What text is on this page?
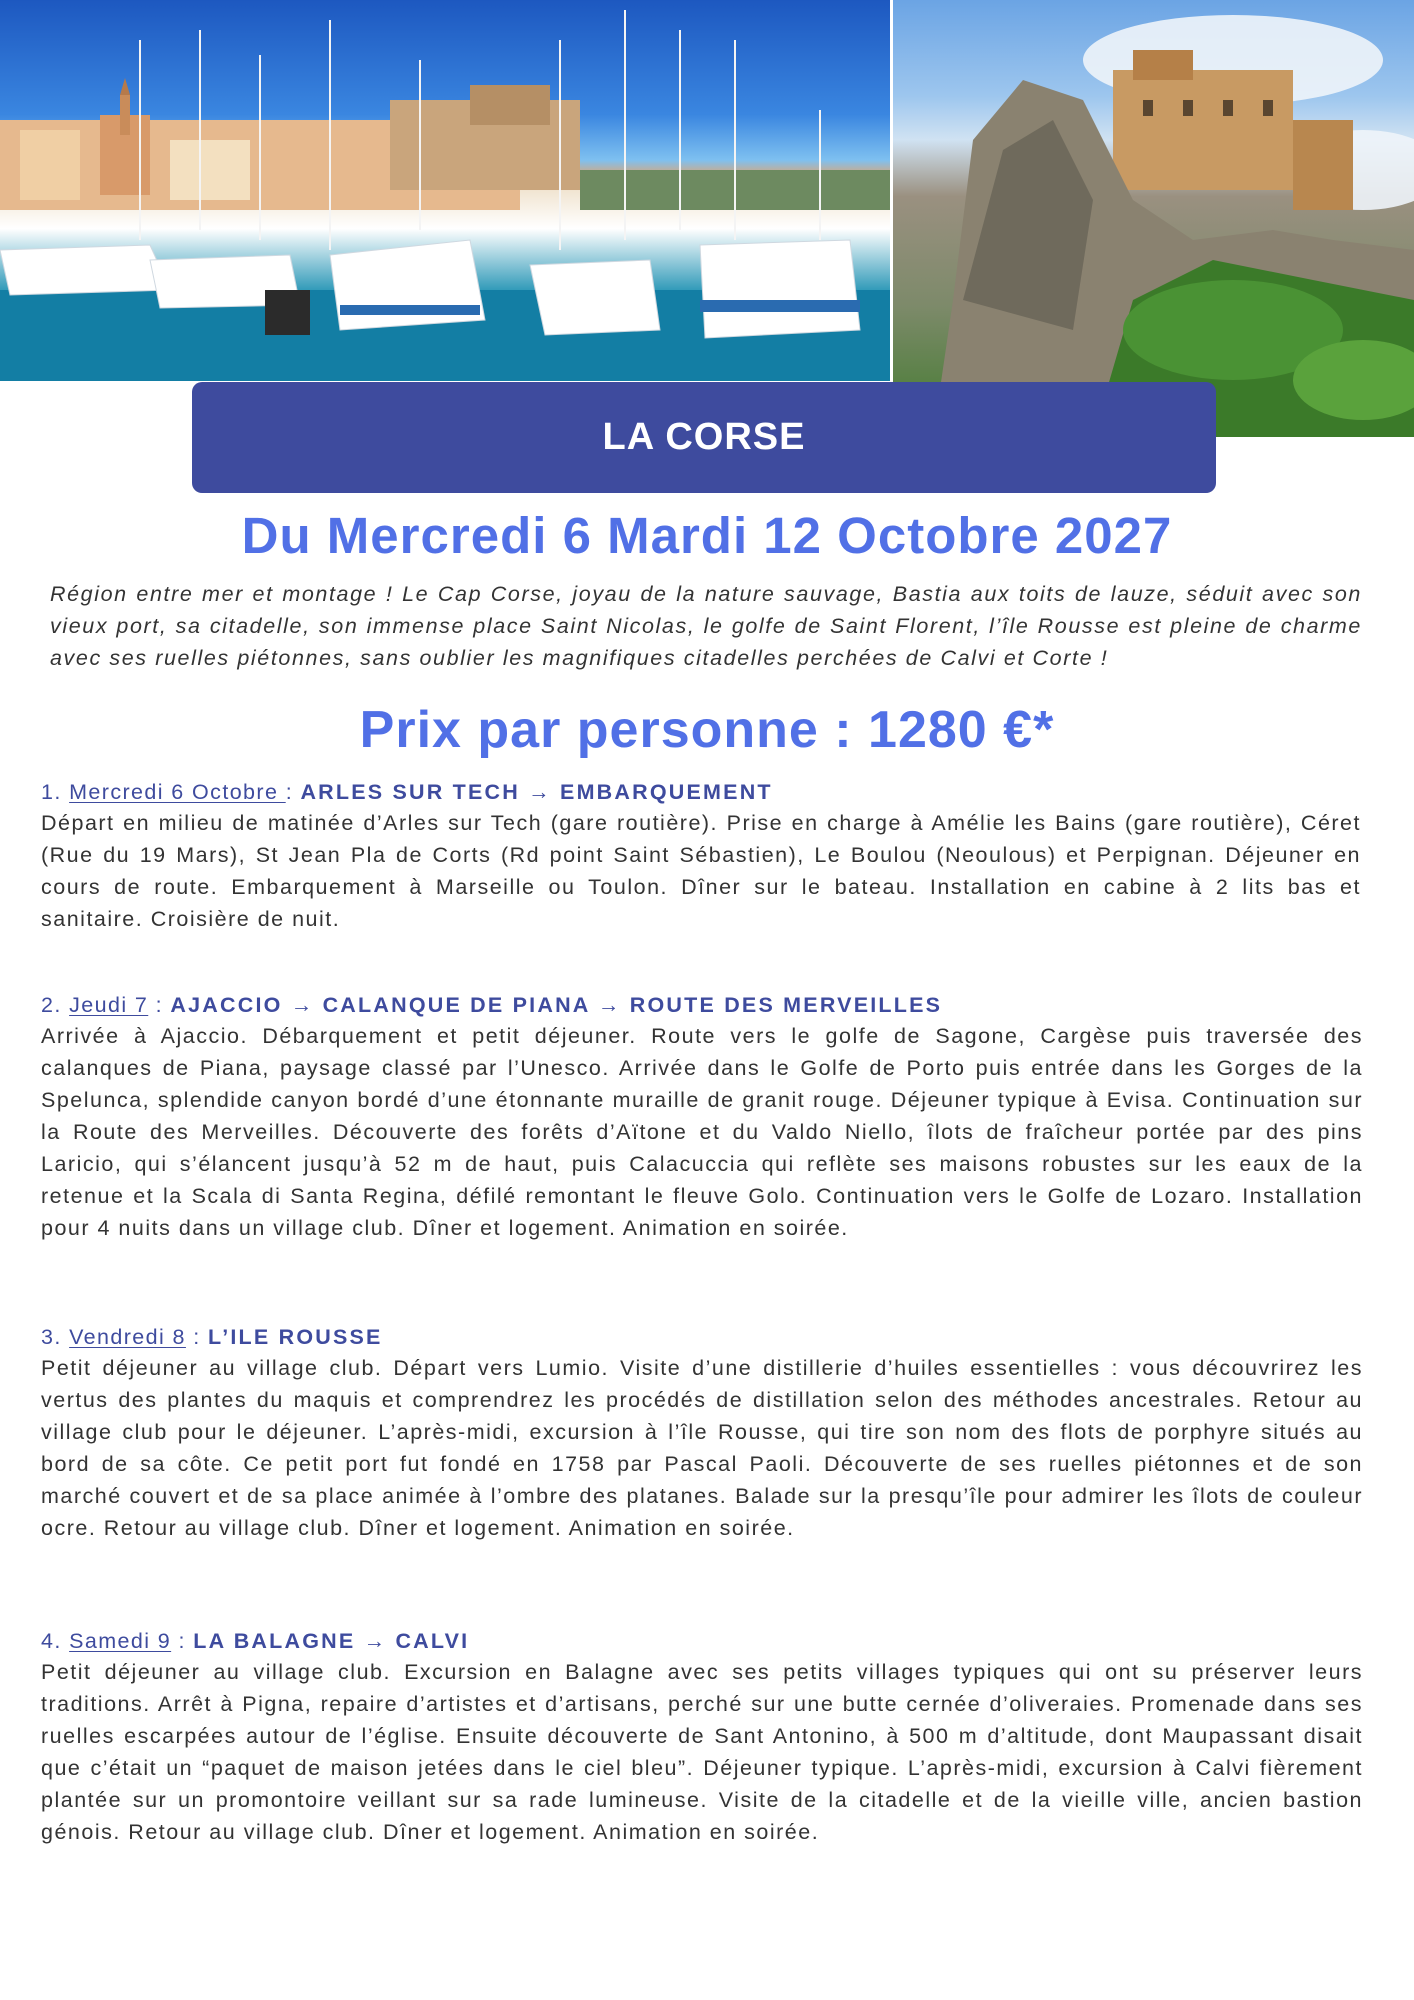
LA CORSE
Du Mercredi 6 Mardi 12 Octobre 2027

Région entre mer et montage ! Le Cap Corse, joyau de la nature sauvage, Bastia aux toits de lauze, séduit avec son vieux port, sa citadelle, son immense place Saint Nicolas, le golfe de Saint Florent, l’île Rousse est pleine de charme avec ses ruelles piétonnes, sans oublier les magnifiques citadelles perchées de Calvi et Corte !

Prix par personne : 1280 €*

1. Mercredi 6 Octobre : ARLES SUR TECH → EMBARQUEMENT

Départ en milieu de matinée d’Arles sur Tech (gare routière). Prise en charge à Amélie les Bains (gare routière), Céret (Rue du 19 Mars), St Jean Pla de Corts (Rd point Saint Sébastien), Le Boulou (Neoulous) et Perpignan. Déjeuner en cours de route. Embarquement à Marseille ou Toulon. Dîner sur le bateau. Installation en cabine à 2 lits bas et sanitaire. Croisière de nuit.

2. Jeudi 7 : AJACCIO → CALANQUE DE PIANA → ROUTE DES MERVEILLES

Arrivée à Ajaccio. Débarquement et petit déjeuner. Route vers le golfe de Sagone, Cargèse puis traversée des calanques de Piana, paysage classé par l’Unesco. Arrivée dans le Golfe de Porto puis entrée dans les Gorges de la Spelunca, splendide canyon bordé d’une étonnante muraille de granit rouge. Déjeuner typique à Evisa. Continuation sur la Route des Merveilles. Découverte des forêts d’Aïtone et du Valdo Niello, îlots de fraîcheur portée par des pins Laricio, qui s’élancent jusqu’à 52 m de haut, puis Calacuccia qui reflète ses maisons robustes sur les eaux de la retenue et la Scala di Santa Regina, défilé remontant le fleuve Golo. Continuation vers le Golfe de Lozaro. Installation pour 4 nuits dans un village club. Dîner et logement. Animation en soirée.

3. Vendredi 8 : L’ILE ROUSSE

Petit déjeuner au village club. Départ vers Lumio. Visite d’une distillerie d’huiles essentielles : vous découvrirez les vertus des plantes du maquis et comprendrez les procédés de distillation selon des méthodes ancestrales. Retour au village club pour le déjeuner. L’après-midi, excursion à l’île Rousse, qui tire son nom des flots de porphyre situés au bord de sa côte. Ce petit port fut fondé en 1758 par Pascal Paoli. Découverte de ses ruelles piétonnes et de son marché couvert et de sa place animée à l’ombre des platanes. Balade sur la presqu’île pour admirer les îlots de couleur ocre. Retour au village club. Dîner et logement. Animation en soirée.

4. Samedi 9 : LA BALAGNE → CALVI

Petit déjeuner au village club. Excursion en Balagne avec ses petits villages typiques qui ont su préserver leurs traditions. Arrêt à Pigna, repaire d’artistes et d’artisans, perché sur une butte cernée d’oliveraies. Promenade dans ses ruelles escarpées autour de l’église. Ensuite découverte de Sant Antonino, à 500 m d’altitude, dont Maupassant disait que c’était un “paquet de maison jetées dans le ciel bleu”. Déjeuner typique. L’après-midi, excursion à Calvi fièrement plantée sur un promontoire veillant sur sa rade lumineuse. Visite de la citadelle et de la vieille ville, ancien bastion génois. Retour au village club. Dîner et logement. Animation en soirée.
